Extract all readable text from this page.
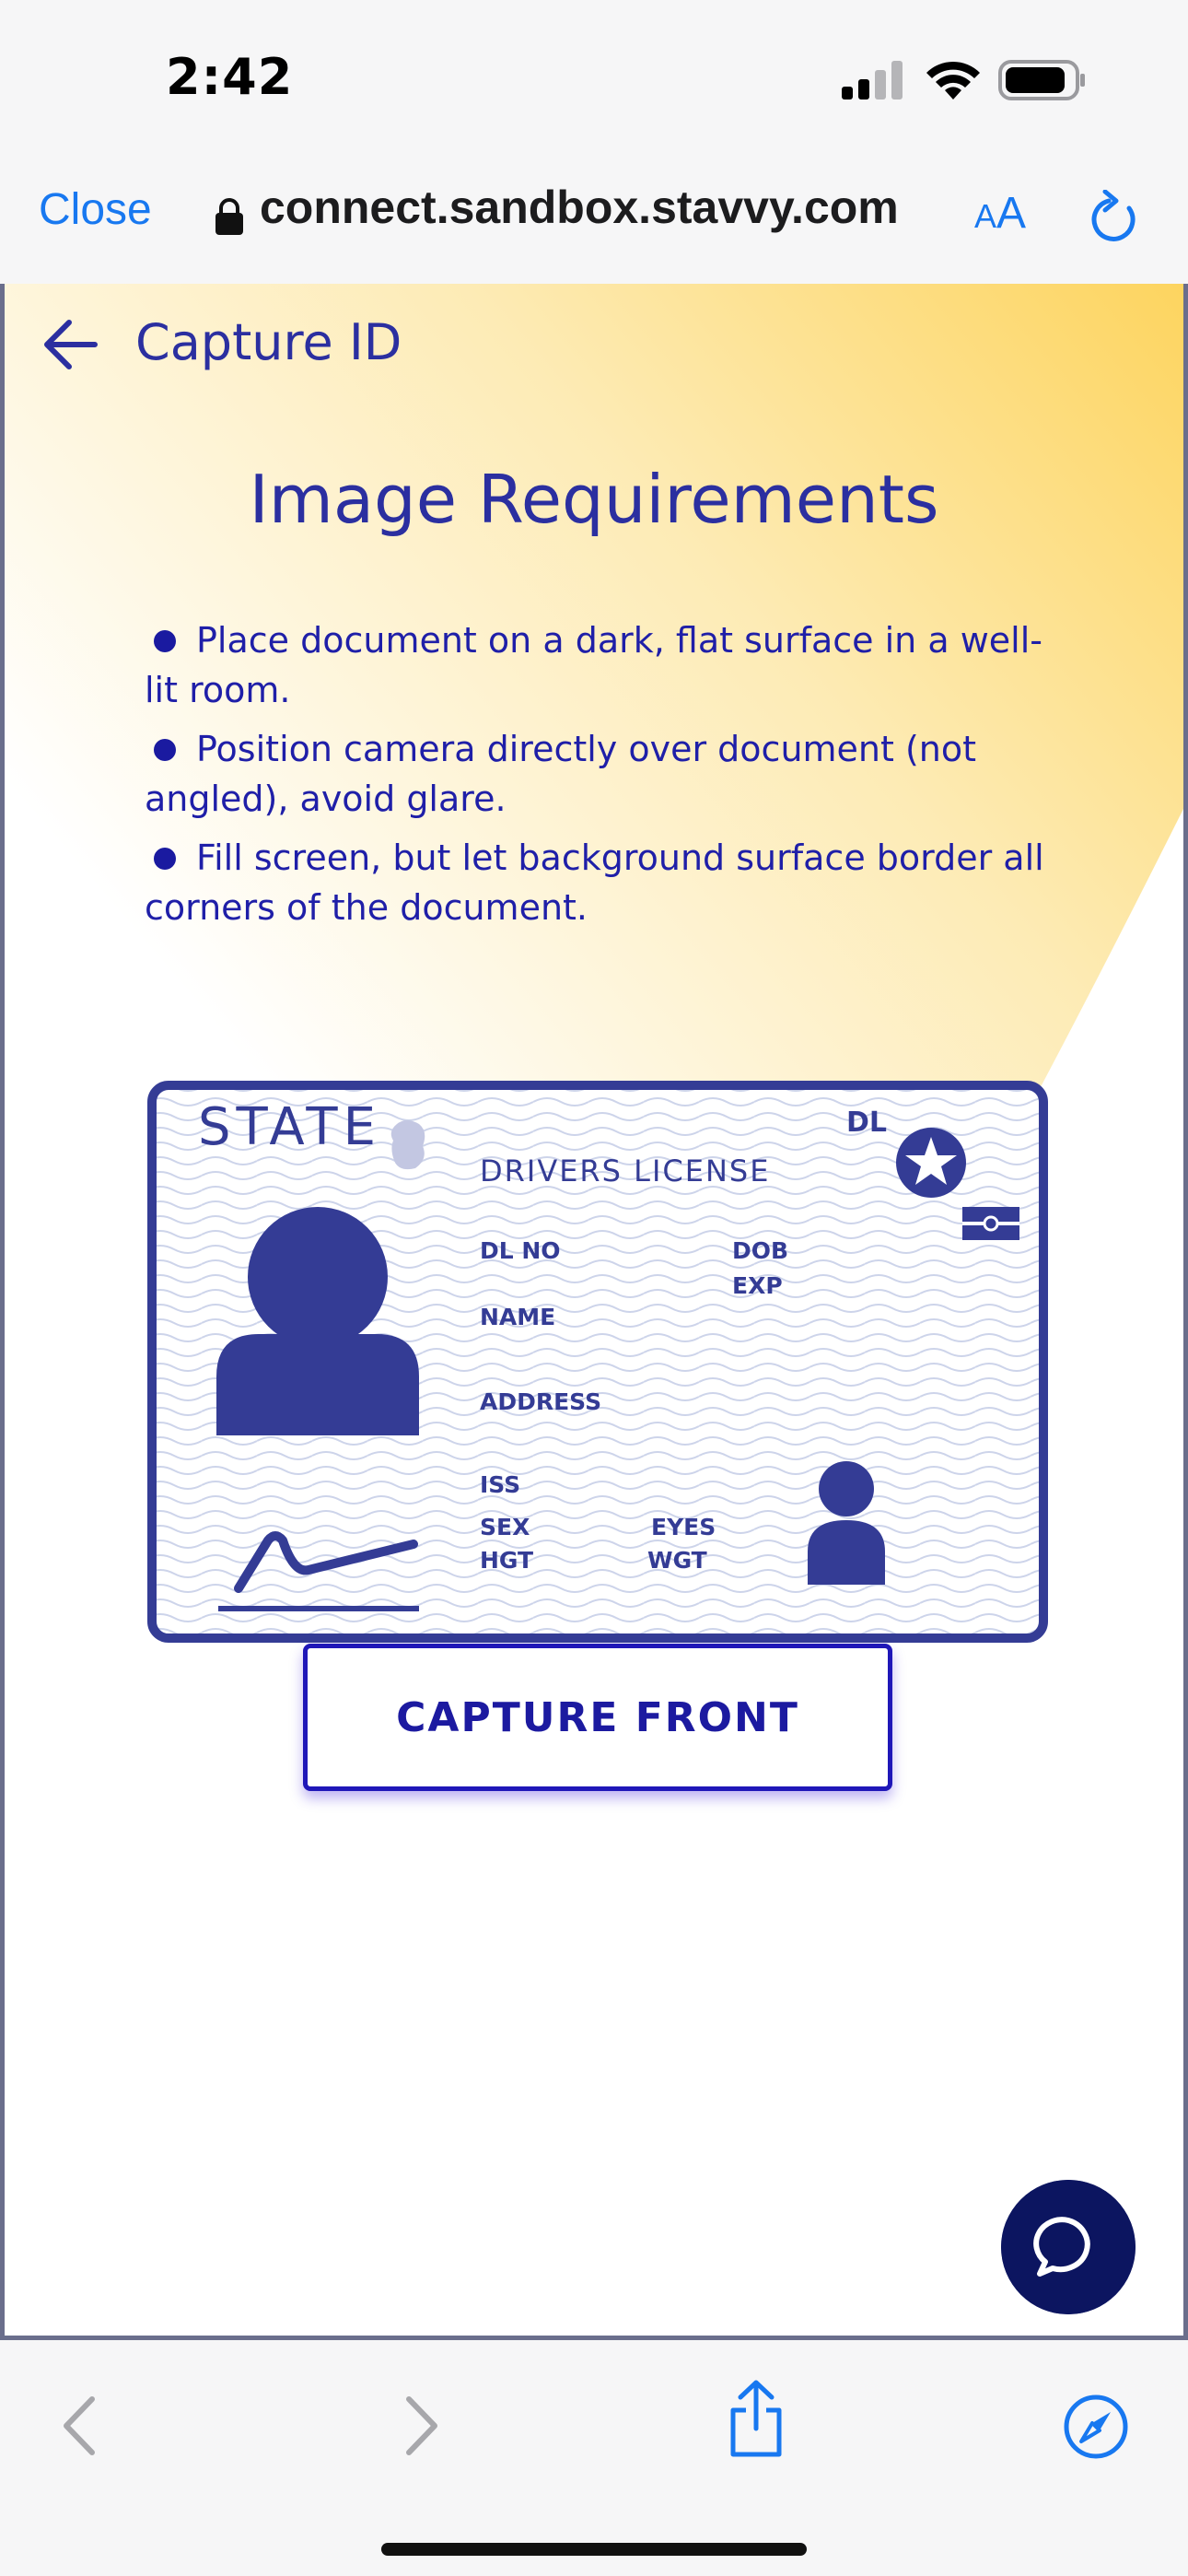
2:42
Close connect.sandbox.stavvy.com AA
Capture ID
Image Requirements
Place document on a dark, flat surface in a well-lit room.
Position camera directly over document (not angled), avoid glare.
Fill screen, but let background surface border all corners of the document.
STATE
DRIVERS LICENSE
DL
DL NO	DOB
EXP
NAME
ADDRESS
ISS
SEX
HGT
EYES
WGT
CAPTURE FRONT
